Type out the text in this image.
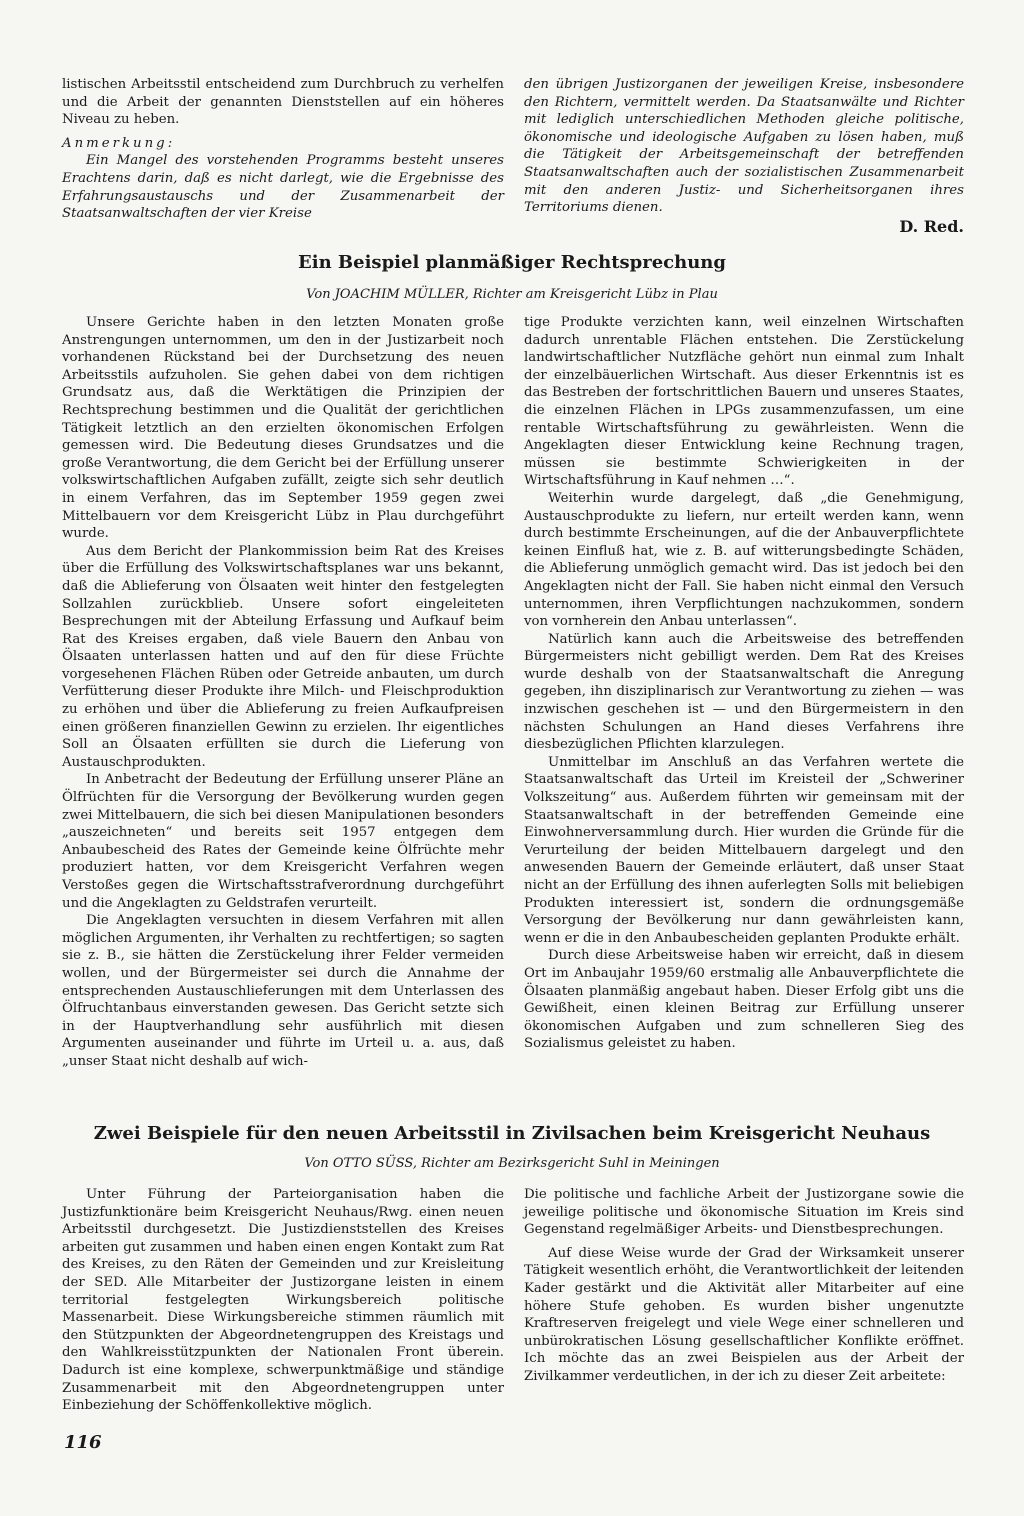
listischen Arbeitsstil entscheidend zum Durchbruch zu verhelfen und die Arbeit der genannten Dienststellen auf ein höheres Niveau zu heben.

Anmerkung:

Ein Mangel des vorstehenden Programms besteht unseres Erachtens darin, daß es nicht darlegt, wie die Ergebnisse des Erfahrungsaustauschs und der Zusammenarbeit der Staatsanwaltschaften der vier Kreise

den übrigen Justizorganen der jeweiligen Kreise, insbesondere den Richtern, vermittelt werden. Da Staatsanwälte und Richter mit lediglich unterschiedlichen Methoden gleiche politische, ökonomische und ideologische Aufgaben zu lösen haben, muß die Tätigkeit der Arbeitsgemeinschaft der betreffenden Staatsanwaltschaften auch der sozialistischen Zusammenarbeit mit den anderen Justiz- und Sicherheitsorganen ihres Territoriums dienen.

D. Red.
Ein Beispiel planmäßiger Rechtsprechung
Von JOACHIM MÜLLER, Richter am Kreisgericht Lübz in Plau

Unsere Gerichte haben in den letzten Monaten große Anstrengungen unternommen, um den in der Justizarbeit noch vorhandenen Rückstand bei der Durchsetzung des neuen Arbeitsstils aufzuholen. Sie gehen dabei von dem richtigen Grundsatz aus, daß die Werktätigen die Prinzipien der Rechtsprechung bestimmen und die Qualität der gerichtlichen Tätigkeit letztlich an den erzielten ökonomischen Erfolgen gemessen wird. Die Bedeutung dieses Grundsatzes und die große Verantwortung, die dem Gericht bei der Erfüllung unserer volkswirtschaftlichen Aufgaben zufällt, zeigte sich sehr deutlich in einem Verfahren, das im September 1959 gegen zwei Mittelbauern vor dem Kreisgericht Lübz in Plau durchgeführt wurde.

Aus dem Bericht der Plankommission beim Rat des Kreises über die Erfüllung des Volkswirtschaftsplanes war uns bekannt, daß die Ablieferung von Ölsaaten weit hinter den festgelegten Sollzahlen zurückblieb. Unsere sofort eingeleiteten Besprechungen mit der Abteilung Erfassung und Aufkauf beim Rat des Kreises ergaben, daß viele Bauern den Anbau von Ölsaaten unterlassen hatten und auf den für diese Früchte vorgesehenen Flächen Rüben oder Getreide anbauten, um durch Verfütterung dieser Produkte ihre Milch- und Fleischproduktion zu erhöhen und über die Ablieferung zu freien Aufkaufpreisen einen größeren finanziellen Gewinn zu erzielen. Ihr eigentliches Soll an Ölsaaten erfüllten sie durch die Lieferung von Austauschprodukten.

In Anbetracht der Bedeutung der Erfüllung unserer Pläne an Ölfrüchten für die Versorgung der Bevölkerung wurden gegen zwei Mittelbauern, die sich bei diesen Manipulationen besonders „auszeichneten“ und bereits seit 1957 entgegen dem Anbaubescheid des Rates der Gemeinde keine Ölfrüchte mehr produziert hatten, vor dem Kreisgericht Verfahren wegen Verstoßes gegen die Wirtschaftsstrafverordnung durchgeführt und die Angeklagten zu Geldstrafen verurteilt.

Die Angeklagten versuchten in diesem Verfahren mit allen möglichen Argumenten, ihr Verhalten zu rechtfertigen; so sagten sie z. B., sie hätten die Zerstückelung ihrer Felder vermeiden wollen, und der Bürgermeister sei durch die Annahme der entsprechenden Austauschlieferungen mit dem Unterlassen des Ölfruchtanbaus einverstanden gewesen. Das Gericht setzte sich in der Hauptverhandlung sehr ausführlich mit diesen Argumenten auseinander und führte im Urteil u. a. aus, daß „unser Staat nicht deshalb auf wich-

tige Produkte verzichten kann, weil einzelnen Wirtschaften dadurch unrentable Flächen entstehen. Die Zerstückelung landwirtschaftlicher Nutzfläche gehört nun einmal zum Inhalt der einzelbäuerlichen Wirtschaft. Aus dieser Erkenntnis ist es das Bestreben der fortschrittlichen Bauern und unseres Staates, die einzelnen Flächen in LPGs zusammenzufassen, um eine rentable Wirtschaftsführung zu gewährleisten. Wenn die Angeklagten dieser Entwicklung keine Rechnung tragen, müssen sie bestimmte Schwierigkeiten in der Wirtschaftsführung in Kauf nehmen …“.

Weiterhin wurde dargelegt, daß „die Genehmigung, Austauschprodukte zu liefern, nur erteilt werden kann, wenn durch bestimmte Erscheinungen, auf die der Anbauverpflichtete keinen Einfluß hat, wie z. B. auf witterungsbedingte Schäden, die Ablieferung unmöglich gemacht wird. Das ist jedoch bei den Angeklagten nicht der Fall. Sie haben nicht einmal den Versuch unternommen, ihren Verpflichtungen nachzukommen, sondern von vornherein den Anbau unterlassen“.

Natürlich kann auch die Arbeitsweise des betreffenden Bürgermeisters nicht gebilligt werden. Dem Rat des Kreises wurde deshalb von der Staatsanwaltschaft die Anregung gegeben, ihn disziplinarisch zur Verantwortung zu ziehen — was inzwischen geschehen ist — und den Bürgermeistern in den nächsten Schulungen an Hand dieses Verfahrens ihre diesbezüglichen Pflichten klarzulegen.

Unmittelbar im Anschluß an das Verfahren wertete die Staatsanwaltschaft das Urteil im Kreisteil der „Schweriner Volkszeitung“ aus. Außerdem führten wir gemeinsam mit der Staatsanwaltschaft in der betreffenden Gemeinde eine Einwohnerversammlung durch. Hier wurden die Gründe für die Verurteilung der beiden Mittelbauern dargelegt und den anwesenden Bauern der Gemeinde erläutert, daß unser Staat nicht an der Erfüllung des ihnen auferlegten Solls mit beliebigen Produkten interessiert ist, sondern die ordnungsgemäße Versorgung der Bevölkerung nur dann gewährleisten kann, wenn er die in den Anbaubescheiden geplanten Produkte erhält.

Durch diese Arbeitsweise haben wir erreicht, daß in diesem Ort im Anbaujahr 1959/60 erstmalig alle Anbauverpflichtete die Ölsaaten planmäßig angebaut haben. Dieser Erfolg gibt uns die Gewißheit, einen kleinen Beitrag zur Erfüllung unserer ökonomischen Aufgaben und zum schnelleren Sieg des Sozialismus geleistet zu haben.

Zwei Beispiele für den neuen Arbeitsstil in Zivilsachen beim Kreisgericht Neuhaus
Von OTTO SÜSS, Richter am Bezirksgericht Suhl in Meiningen

Unter Führung der Parteiorganisation haben die Justizfunktionäre beim Kreisgericht Neuhaus/Rwg. einen neuen Arbeitsstil durchgesetzt. Die Justizdienststellen des Kreises arbeiten gut zusammen und haben einen engen Kontakt zum Rat des Kreises, zu den Räten der Gemeinden und zur Kreisleitung der SED. Alle Mitarbeiter der Justizorgane leisten in einem territorial festgelegten Wirkungsbereich politische Massenarbeit. Diese Wirkungsbereiche stimmen räumlich mit den Stützpunkten der Abgeordnetengruppen des Kreistags und den Wahlkreisstützpunkten der Nationalen Front überein. Dadurch ist eine komplexe, schwerpunktmäßige und ständige Zusammenarbeit mit den Abgeordnetengruppen unter Einbeziehung der Schöffenkollektive möglich.

Die politische und fachliche Arbeit der Justizorgane sowie die jeweilige politische und ökonomische Situation im Kreis sind Gegenstand regelmäßiger Arbeits- und Dienstbesprechungen.

Auf diese Weise wurde der Grad der Wirksamkeit unserer Tätigkeit wesentlich erhöht, die Verantwortlichkeit der leitenden Kader gestärkt und die Aktivität aller Mitarbeiter auf eine höhere Stufe gehoben. Es wurden bisher ungenutzte Kraftreserven freigelegt und viele Wege einer schnelleren und unbürokratischen Lösung gesellschaftlicher Konflikte eröffnet. Ich möchte das an zwei Beispielen aus der Arbeit der Zivilkammer verdeutlichen, in der ich zu dieser Zeit arbeitete:

116
